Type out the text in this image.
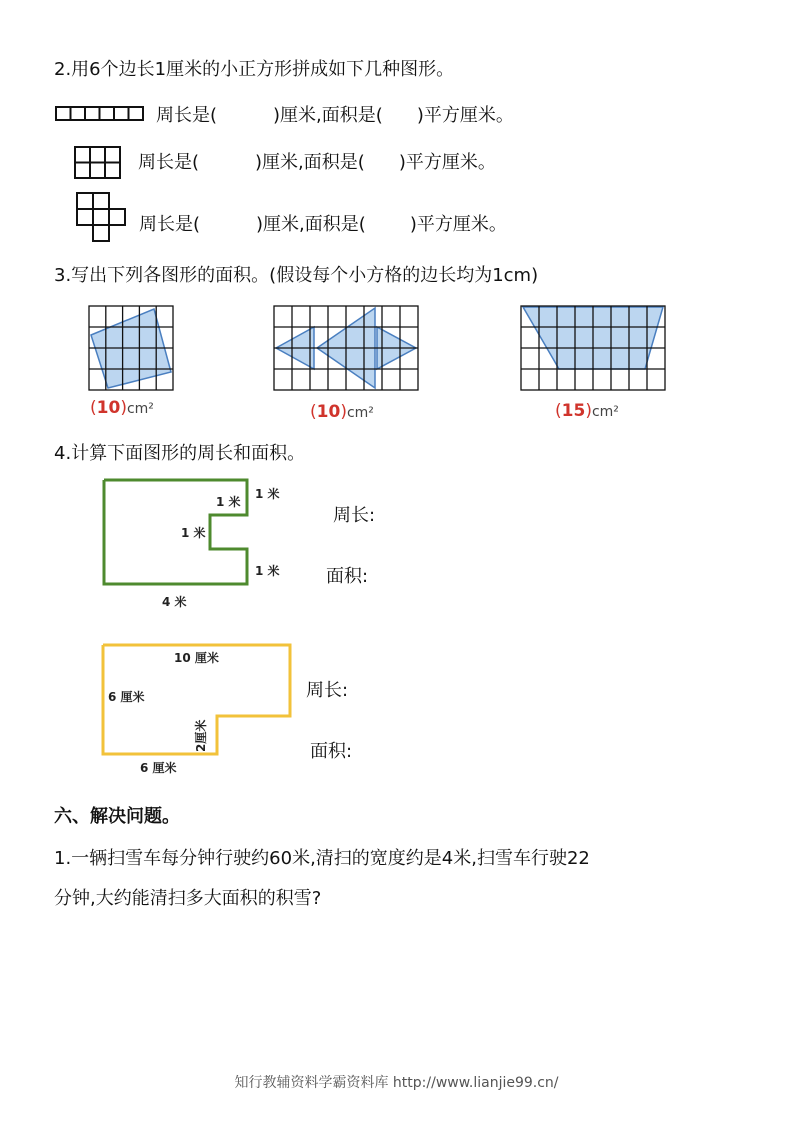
2.用6个边长1厘米的小正方形拼成如下几种图形。
周长是(	)厘米,面积是( )平方厘米。
周长是(	)厘米,面积是( )平方厘米。
周长是(	)厘米,面积是( )平方厘米。
3.写出下列各图形的面积。(假设每个小方格的边长均为1cm)
(10)cm²	(10)cm²	(15)cm²
4.计算下面图形的周长和面积。
1 米
1 米
1 米
1 米
4 米
周长:
面积:
10 厘米
6 厘米
2厘米
6 厘米
周长:
面积:
六、解决问题。
1.一辆扫雪车每分钟行驶约60米,清扫的宽度约是4米,扫雪车行驶22
分钟,大约能清扫多大面积的积雪?
知行教辅资料学霸资料库 http://www.lianjie99.cn/
